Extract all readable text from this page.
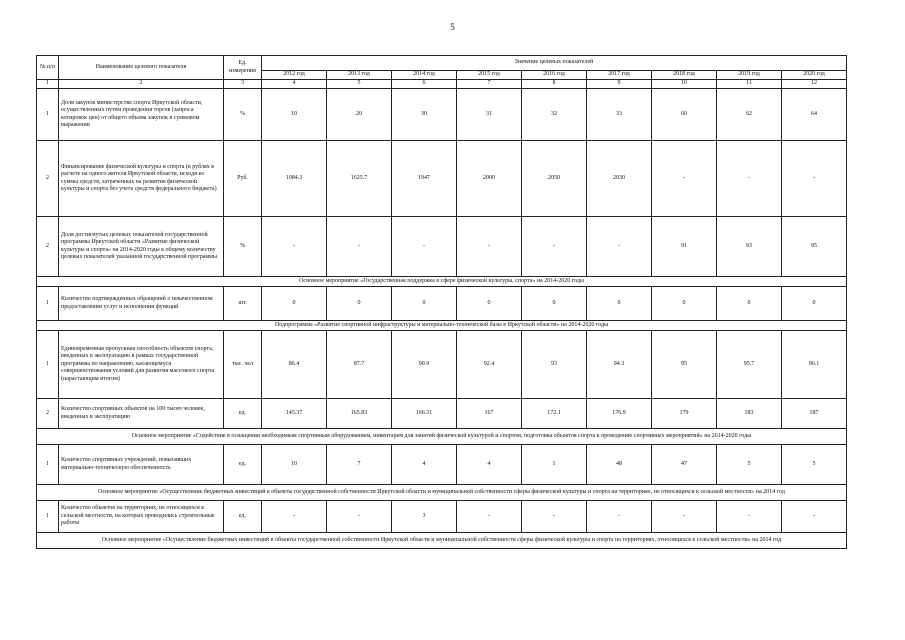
5
№ п/п	Наименование целевого показателя	Ед. измерения	Значение целевых показателей								
			2012 год	2013 год	2014 год	2015 год	2016 год	2017 год	2018 год	2019 год	2020 год
1	2	3	4	5	6	7	8	9	10	11	12
1	Доля закупок министерства спорта Иркутской области, осуществленных путем проведения торгов (запроса котировок цен) от общего объема закупок в суммовом выражении	%	10	20	30	31	32	33	60	62	64
2	Финансирование физической культуры и спорта (в рублях в расчете на одного жителя Иркутской области, исходя из суммы средств, затраченных на развитие физической культуры и спорта без учета средств федерального бюджета)	Руб.	1084.3	1625.7	1947	2000	2050	2030	-	-	-
2	Доля достигнутых целевых показателей государственной программы Иркутской области «Развитие физической культуры и спорта» на 2014-2020 годы к общему количеству целевых показателей указанной государственной программы	%	-	-	-	-	-	-	91	93	95
Основное мероприятие «Государственная поддержка в сфере физической культуры, спорта» на 2014-2020 годы											
1	Количество подтвержденных обращений о некачественном предоставлении услуг и исполнении функций	шт.	0	0	0	0	0	0	0	0	0
Подпрограмма «Развитие спортивной инфраструктуры и материально-технической базы в Иркутской области» на 2014-2020 годы											
1	Единовременная пропускная способность объектов спорта, введенных в эксплуатацию в рамках государственной программы по направлению, касающемуся совершенствования условий для развития массового спорта (нарастающим итогом)	тыс. чел	86.4	87.7	90.9	92.4	93	94.3	95	95.7	96.1
2	Количество спортивных объектов на 100 тысяч человек, введенных в эксплуатацию	ед.	145.37	165.83	166.31	167	172.1	176.9	179	183	187
Основное мероприятие «Содействие в оснащении необходимым спортивным оборудованием, инвентарем для занятий физической культурой и спортом, подготовка объектов спорта к проведению спортивных мероприятий» на 2014-2020 годы											
1	Количество спортивных учреждений, повысивших материально-техническую обеспеченность	ед.	10	7	4	4	1	48	47	5	5
Основное мероприятие «Осуществление бюджетных инвестиций в объекты государственной собственности Иркутской области и муниципальной собственности сферы физической культуры и спорта на территориях, не относящихся к сельской местности» на 2014 год											
1	Количество объектов на территориях, не относящихся к сельской местности, на которых проводились строительные работы	ед.	-	-	3	-	-	-	-	-	-
Основное мероприятие «Осуществление бюджетных инвестиций в объекты государственной собственности Иркутской области и муниципальной собственности сферы физической культуры и спорта на территориях, относящихся к сельской местности» на 2014 год											
